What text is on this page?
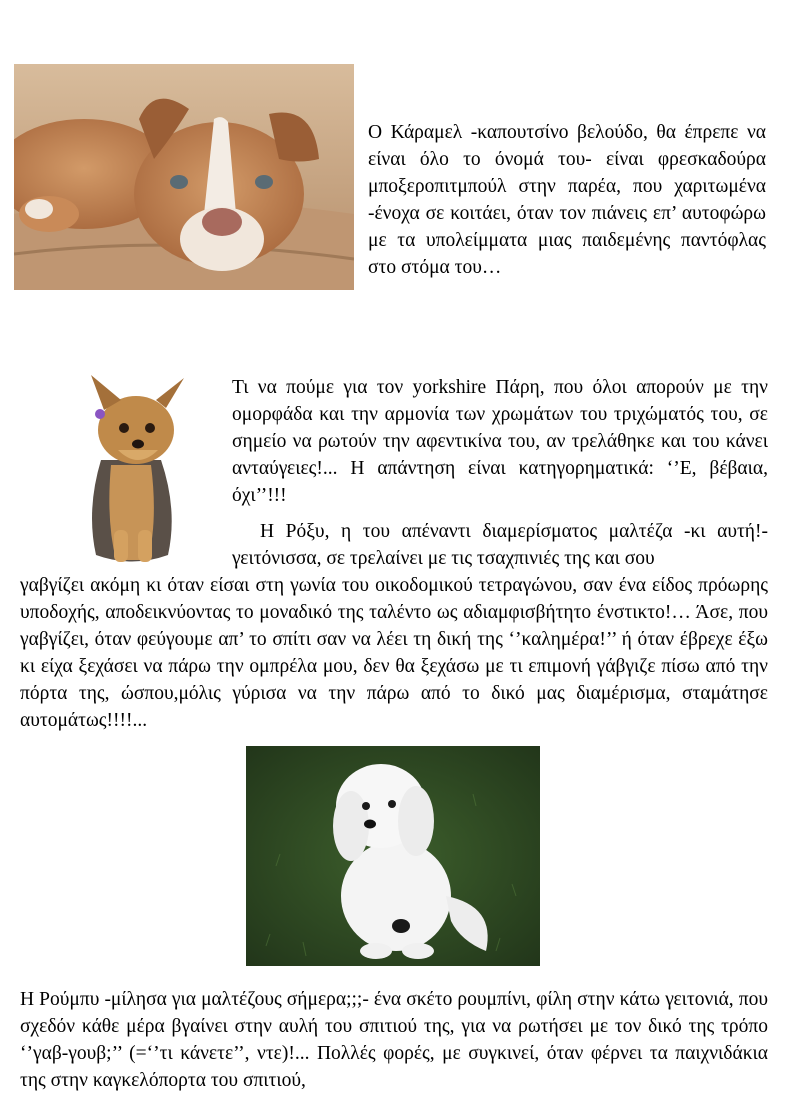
Ο Κάραμελ -καπουτσίνο βελούδο, θα έπρεπε να είναι όλο το όνομά του- είναι φρεσκαδούρα μποξεροπιτμπούλ στην παρέα, που χαριτωμένα -ένοχα σε κοιτάει, όταν τον πιάνεις επ’ αυτοφώρω με τα υπολείμματα μιας παιδεμένης παντόφλας στο στόμα του…

Τι να πούμε για τον yorkshire Πάρη, που όλοι απορούν με την ομορφάδα και την αρμονία των χρωμάτων του τριχώματός του, σε σημείο να ρωτούν την αφεντικίνα του, αν τρελάθηκε και του κάνει ανταύγειες!... Η απάντηση είναι κατηγορηματικά: ‘’Ε, βέβαια, όχι’’!!!

Η Ρόξυ, η του απέναντι διαμερίσματος μαλτέζα -κι αυτή!- γειτόνισσα, σε τρελαίνει με τις τσαχπινιές της και σου

γαβγίζει ακόμη κι όταν είσαι στη γωνία του οικοδομικού τετραγώνου, σαν ένα είδος πρόωρης υποδοχής, αποδεικνύοντας το μοναδικό της ταλέντο ως αδιαμφισβήτητο ένστικτο!… Άσε, που γαβγίζει, όταν φεύγουμε απ’ το σπίτι σαν να λέει τη δική της ‘’καλημέρα!’’ ή όταν έβρεχε έξω κι είχα ξεχάσει να πάρω την ομπρέλα μου, δεν θα ξεχάσω με τι επιμονή γάβγιζε πίσω από την πόρτα της, ώσπου,μόλις γύρισα να την πάρω από το δικό μας διαμέρισμα, σταμάτησε αυτομάτως!!!!...

Η Ρούμπυ -μίλησα για μαλτέζους σήμερα;;;- ένα σκέτο ρουμπίνι, φίλη στην κάτω γειτονιά, που σχεδόν κάθε μέρα βγαίνει στην αυλή του σπιτιού της, για να ρωτήσει με τον δικό της τρόπο ‘’γαβ-γουβ;’’ (=‘’τι κάνετε’’, ντε)!... Πολλές φορές, με συγκινεί, όταν φέρνει τα παιχνιδάκια της στην καγκελόπορτα του σπιτιού,
